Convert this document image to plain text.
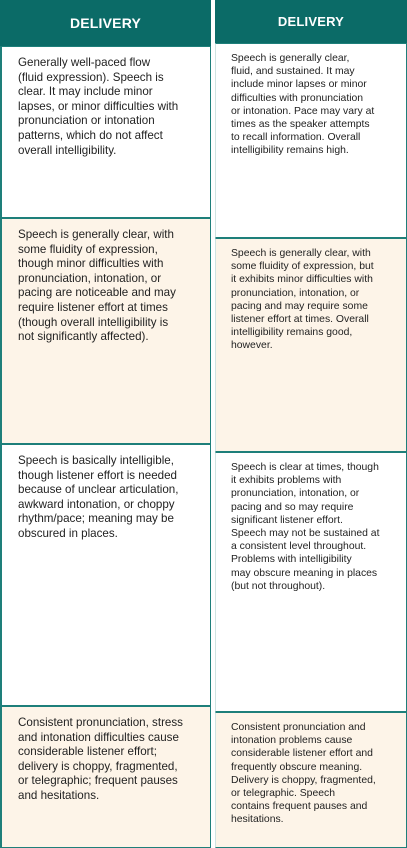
DELIVERY
Generally well-paced flow
(fluid expression). Speech is
clear. It may include minor
lapses, or minor difficulties with
pronunciation or intonation
patterns, which do not affect
overall intelligibility.
Speech is generally clear, with
some fluidity of expression,
though minor difficulties with
pronunciation, intonation, or
pacing are noticeable and may
require listener effort at times
(though overall intelligibility is
not significantly affected).
Speech is basically intelligible,
though listener effort is needed
because of unclear articulation,
awkward intonation, or choppy
rhythm/pace; meaning may be
obscured in places.
Consistent pronunciation, stress
and intonation difficulties cause
considerable listener effort;
delivery is choppy, fragmented,
or telegraphic; frequent pauses
and hesitations.
DELIVERY
Speech is generally clear,
fluid, and sustained. It may
include minor lapses or minor
difficulties with pronunciation
or intonation. Pace may vary at
times as the speaker attempts
to recall information. Overall
intelligibility remains high.
Speech is generally clear, with
some fluidity of expression, but
it exhibits minor difficulties with
pronunciation, intonation, or
pacing and may require some
listener effort at times. Overall
intelligibility remains good,
however.
Speech is clear at times, though
it exhibits problems with
pronunciation, intonation, or
pacing and so may require
significant listener effort.
Speech may not be sustained at
a consistent level throughout.
Problems with intelligibility
may obscure meaning in places
(but not throughout).
Consistent pronunciation and
intonation problems cause
considerable listener effort and
frequently obscure meaning.
Delivery is choppy, fragmented,
or telegraphic. Speech
contains frequent pauses and
hesitations.
